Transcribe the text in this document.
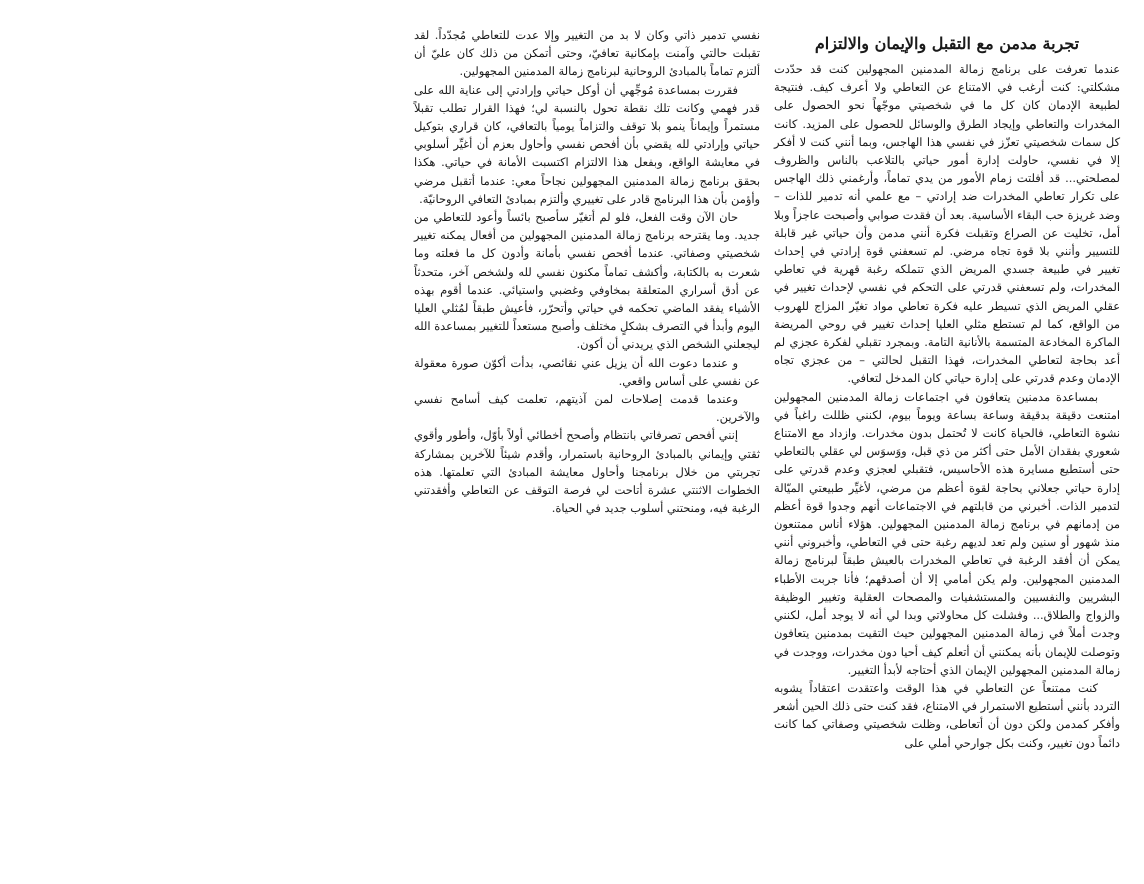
تجربة مدمن مع التقبل والإيمان والالتزام

عندما تعرفت على برنامج زمالة المدمنين المجهولين كنت قد حدّدت مشكلتي: كنت أرغب في الامتناع عن التعاطي ولا أعرف كيف. فنتيجة لطبيعة الإدمان كان كل ما في شخصيتي موجّهاً نحو الحصول على المخدرات والتعاطي وإيجاد الطرق والوسائل للحصول على المزيد. كانت كل سمات شخصيتي تعزّز في نفسي هذا الهاجس، وبما أنني كنت لا أفكر إلا في نفسي، حاولت إدارة أمور حياتي بالتلاعب بالناس والظروف لمصلحتي... قد أفلتت زمام الأمور من يدي تماماً، وأرغمني ذلك الهاجس على تكرار تعاطي المخدرات ضد إرادتي – مع علمي أنه تدمير للذات – وضد غريزة حب البقاء الأساسية. بعد أن فقدت صوابي وأصبحت عاجزاً وبلا أمل، تخليت عن الصراع وتقبلت فكرة أنني مدمن وأن حياتي غير قابلة للتسيير وأنني بلا قوة تجاه مرضي. لم تسعفني قوة إرادتي في إحداث تغيير في طبيعة جسدي المريض الذي تتملكه رغبة قهرية في تعاطي المخدرات، ولم تسعفني قدرتي على التحكم في نفسي لإحداث تغيير في عقلي المريض الذي تسيطر عليه فكرة تعاطي مواد تغيّر المزاج للهروب من الواقع، كما لم تستطع مثلي العليا إحداث تغيير في روحي المريضة الماكرة المخادعة المتسمة بالأنانية التامة. وبمجرد تقبلي لفكرة عجزي لم أعد بحاجة لتعاطي المخدرات، فهذا التقبل لحالتي – من عجزي تجاه الإدمان وعدم قدرتي على إدارة حياتي كان المدخل لتعافي.

بمساعدة مدمنين يتعافون في اجتماعات زمالة المدمنين المجهولين امتنعت دقيقة بدقيقة وساعة بساعة ويوماً بيوم، لكنني ظللت راغباً في نشوة التعاطي، فالحياة كانت لا تُحتمل بدون مخدرات. وازداد مع الامتناع شعوري بفقدان الأمل حتى أكثر من ذي قبل، ووَسوَس لي عقلي بالتعاطي حتى أستطيع مسايرة هذه الأحاسيس، فتقبلي لعجزي وعدم قدرتي على إدارة حياتي جعلاني بحاجة لقوة أعظم من مرضي، لأغيِّر طبيعتي الميّالة لتدمير الذات. أخبرني من قابلتهم في الاجتماعات أنهم وجدوا قوة أعظم من إدمانهم في برنامج زمالة المدمنين المجهولين. هؤلاء أناس ممتنعون منذ شهور أو سنين ولم تعد لديهم رغبة حتى في التعاطي، وأخبروني أنني يمكن أن أفقد الرغبة في تعاطي المخدرات بالعيش طبقاً لبرنامج زمالة المدمنين المجهولين. ولم يكن أمامي إلا أن أصدقهم؛ فأنا جربت الأطباء البشريين والنفسيين والمستشفيات والمصحات العقلية وتغيير الوظيفة والزواج والطلاق... وفشلت كل محاولاتي وبدا لي أنه لا يوجد أمل، لكنني وجدت أملاً في زمالة المدمنين المجهولين حيث التقيت بمدمنين يتعافون وتوصلت للإيمان بأنه يمكنني أن أتعلم كيف أحيا دون مخدرات، ووجدت في زمالة المدمنين المجهولين الإيمان الذي أحتاجه لأبدأ التغيير.

كنت ممتنعاً عن التعاطي في هذا الوقت واعتقدت اعتقاداً يشوبه التردد بأنني أستطيع الاستمرار في الامتناع، فقد كنت حتى ذلك الحين أشعر وأفكر كمدمن ولكن دون أن أتعاطى، وظلت شخصيتي وصفاتي كما كانت دائماً دون تغيير، وكنت بكل جوارحي أملي على

نفسي تدمير ذاتي وكان لا بد من التغيير وإلا عدت للتعاطي مُجدّداً. لقد تقبلت حالتي وآمنت بإمكانية تعافيّ، وحتى أتمكن من ذلك كان عليّ أن ألتزم تماماً بالمبادئ الروحانية لبرنامج زمالة المدمنين المجهولين.

فقررت بمساعدة مُوجِّهي أن أوكل حياتي وإرادتي إلى عناية الله على قدر فهمي وكانت تلك نقطة تحول بالنسبة لي؛ فهذا القرار تطلب تقبلاً مستمراً وإيماناً ينمو بلا توقف والتزاماً يومياً بالتعافي، كان قراري بتوكيل حياتي وإرادتي لله يقضي بأن أفحص نفسي وأحاول بعزم أن أغيِّر أسلوبي في معايشة الواقع، وبفعل هذا الالتزام اكتسبت الأمانة في حياتي. هكذا بحقق برنامج زمالة المدمنين المجهولين نجاحاً معي: عندما أتقبل مرضي وأؤمن بأن هذا البرنامج قادر على تغييري وألتزم بمبادئ التعافي الروحانيّة.

حان الآن وقت الفعل، فلو لم أتغيّر سأصبح بائساً وأعود للتعاطي من جديد. وما يقترحه برنامج زمالة المدمنين المجهولين من أفعال يمكنه تغيير شخصيتي وصفاتي. عندما أفحص نفسي بأمانة وأدون كل ما فعلته وما شعرت به بالكتابة، وأكشف تماماً مكنون نفسي لله ولشخص آخر، متحدثاً عن أدق أسراري المتعلقة بمخاوفي وغضبي واستيائي. عندما أقوم بهذه الأشياء يفقد الماضي تحكمه في حياتي وأتحرّر، فأعيش طبقاً لمُثلي العليا اليوم وأبدأ في التصرف بشكلٍ مختلف وأصبح مستعداً للتغيير بمساعدة الله ليجعلني الشخص الذي يريدني أن أكون.

و عندما دعوت الله أن يزيل عني نقائصي، بدأت أكوّن صورة معقولة عن نفسي على أساس واقعي.

وعندما قدمت إصلاحات لمن آذيتهم، تعلمت كيف أسامح نفسي والآخرين.

إنني أفحص تصرفاتي بانتظام وأصحح أخطائي أولاً بأوّل، وأطور وأقوي ثقتي وإيماني بالمبادئ الروحانية باستمرار، وأقدم شيئاً للآخرين بمشاركة تجربتي من خلال برنامجنا وأحاول معايشة المبادئ التي تعلمتها. هذه الخطوات الاثنتي عشرة أتاحت لي فرصة التوقف عن التعاطي وأفقدتني الرغبة فيه، ومنحتني أسلوب جديد في الحياة.
